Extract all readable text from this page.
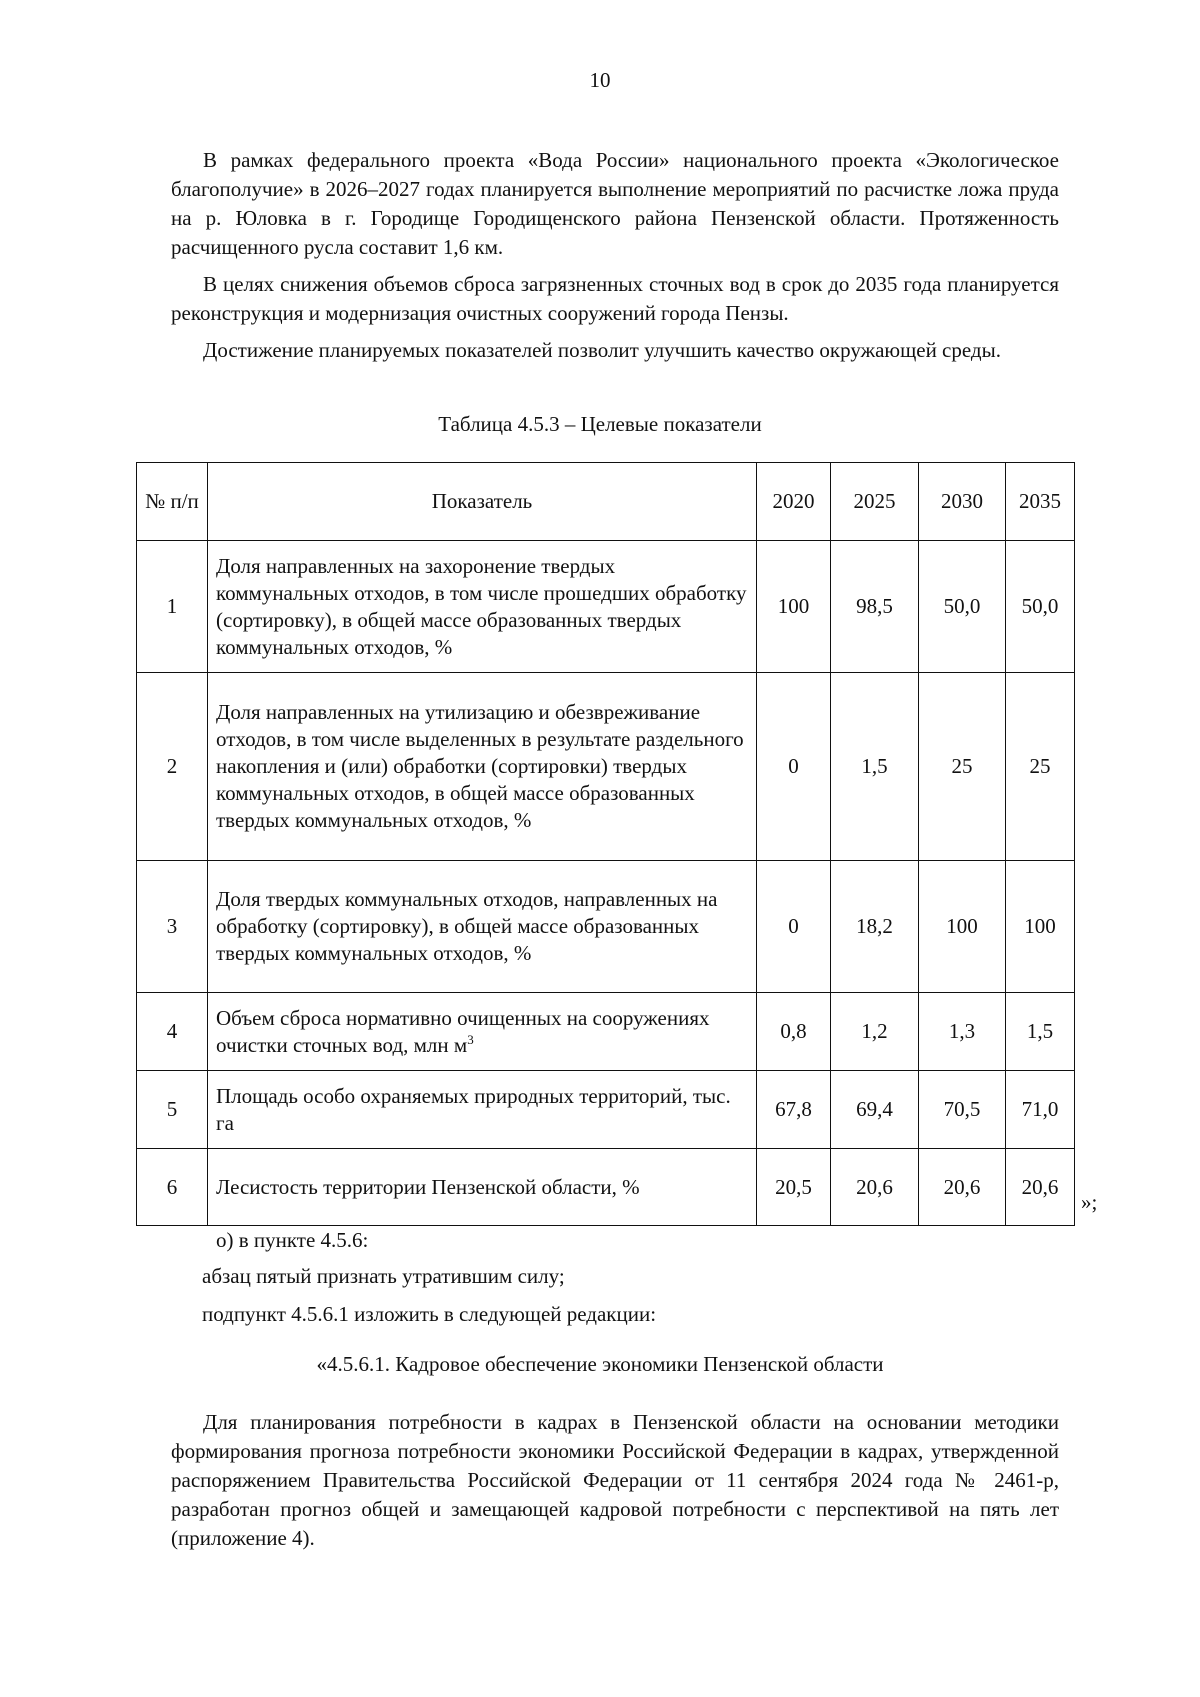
10

В рамках федерального проекта «Вода России» национального проекта «Экологическое благополучие» в 2026–2027 годах планируется выполнение мероприятий по расчистке ложа пруда на р. Юловка в г. Городище Городищенского района Пензенской области. Протяженность расчищенного русла составит 1,6 км.

В целях снижения объемов сброса загрязненных сточных вод в срок до 2035 года планируется реконструкция и модернизация очистных сооружений города Пензы.

Достижение планируемых показателей позволит улучшить качество окружающей среды.

Таблица 4.5.3 – Целевые показатели
№ п/п	Показатель	2020	2025	2030	2035
1	Доля направленных на захоронение твердых коммунальных отходов, в том числе прошедших обработку (сортировку), в общей массе образованных твердых коммунальных отходов, %	100	98,5	50,0	50,0
2	Доля направленных на утилизацию и обезвреживание отходов, в том числе выделенных в результате раздельного накопления и (или) обработки (сортировки) твердых коммунальных отходов, в общей массе образованных твердых коммунальных отходов, %	0	1,5	25	25
3	Доля твердых коммунальных отходов, направленных на обработку (сортировку), в общей массе образованных твердых коммунальных отходов, %	0	18,2	100	100
4	Объем сброса нормативно очищенных на сооружениях очистки сточных вод, млн $м^3$	0,8	1,2	1,3	1,5
5	Площадь особо охраняемых природных территорий, тыс. га	67,8	69,4	70,5	71,0
6	Лесистость территории Пензенской области, %	20,5	20,6	20,6	20,6
»;

о) в пункте 4.5.6:

абзац пятый признать утратившим силу;

подпункт 4.5.6.1 изложить в следующей редакции:

«4.5.6.1. Кадровое обеспечение экономики Пензенской области

Для планирования потребности в кадрах в Пензенской области на основании методики формирования прогноза потребности экономики Российской Федерации в кадрах, утвержденной распоряжением Правительства Российской Федерации от 11 сентября 2024 года № 2461-р, разработан прогноз общей и замещающей кадровой потребности с перспективой на пять лет (приложение 4).
